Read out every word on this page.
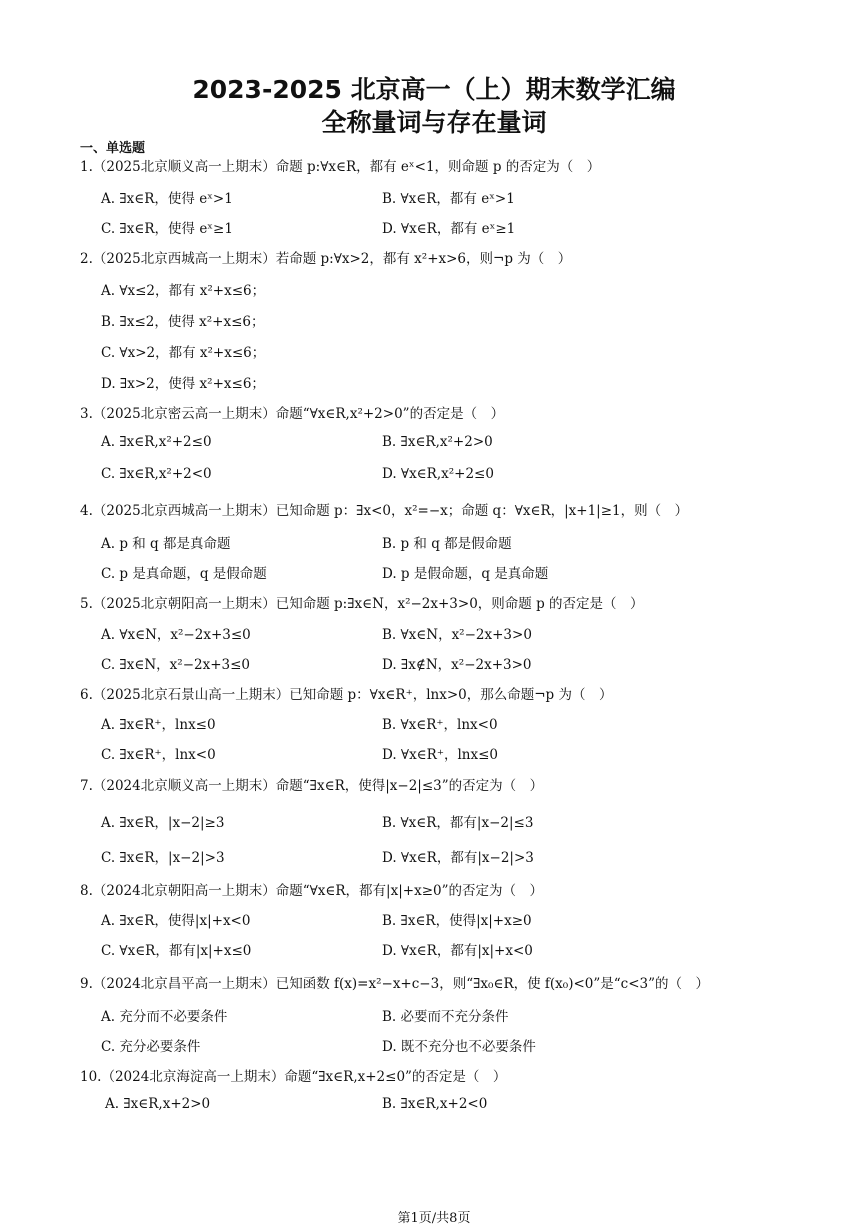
2023-2025 北京高一（上）期末数学汇编
全称量词与存在量词
一、单选题
1.（2025北京顺义高一上期末）命题 p:∀x∈R，都有 eˣ<1，则命题 p 的否定为（　）
A. ∃x∈R，使得 eˣ>1	B. ∀x∈R，都有 eˣ>1
C. ∃x∈R，使得 eˣ≥1	D. ∀x∈R，都有 eˣ≥1
2.（2025北京西城高一上期末）若命题 p:∀x>2，都有 x²+x>6，则¬p 为（　）
A. ∀x≤2，都有 x²+x≤6；
B. ∃x≤2，使得 x²+x≤6；
C. ∀x>2，都有 x²+x≤6；
D. ∃x>2，使得 x²+x≤6；
3.（2025北京密云高一上期末）命题“∀x∈R,x²+2>0”的否定是（　）
A. ∃x∈R,x²+2≤0	B. ∃x∈R,x²+2>0
C. ∃x∈R,x²+2<0	D. ∀x∈R,x²+2≤0
4.（2025北京西城高一上期末）已知命题 p：∃x<0，x²=−x；命题 q：∀x∈R，|x+1|≥1，则（　）
A. p 和 q 都是真命题	B. p 和 q 都是假命题
C. p 是真命题，q 是假命题	D. p 是假命题，q 是真命题
5.（2025北京朝阳高一上期末）已知命题 p:∃x∈N，x²−2x+3>0，则命题 p 的否定是（　）
A. ∀x∈N，x²−2x+3≤0	B. ∀x∈N，x²−2x+3>0
C. ∃x∈N，x²−2x+3≤0	D. ∃x∉N，x²−2x+3>0
6.（2025北京石景山高一上期末）已知命题 p：∀x∈R⁺，lnx>0，那么命题¬p 为（　）
A. ∃x∈R⁺，lnx≤0	B. ∀x∈R⁺，lnx<0
C. ∃x∈R⁺，lnx<0	D. ∀x∈R⁺，lnx≤0
7.（2024北京顺义高一上期末）命题“∃x∈R，使得|x−2|≤3”的否定为（　）
A. ∃x∈R，|x−2|≥3	B. ∀x∈R，都有|x−2|≤3
C. ∃x∈R，|x−2|>3	D. ∀x∈R，都有|x−2|>3
8.（2024北京朝阳高一上期末）命题“∀x∈R，都有|x|+x≥0”的否定为（　）
A. ∃x∈R，使得|x|+x<0	B. ∃x∈R，使得|x|+x≥0
C. ∀x∈R，都有|x|+x≤0	D. ∀x∈R，都有|x|+x<0
9.（2024北京昌平高一上期末）已知函数 f(x)=x²−x+c−3，则“∃x₀∈R，使 f(x₀)<0”是“c<3”的（　）
A. 充分而不必要条件	B. 必要而不充分条件
C. 充分必要条件	D. 既不充分也不必要条件
10.（2024北京海淀高一上期末）命题“∃x∈R,x+2≤0”的否定是（　）
A. ∃x∈R,x+2>0	B. ∃x∈R,x+2<0
第1页/共8页
